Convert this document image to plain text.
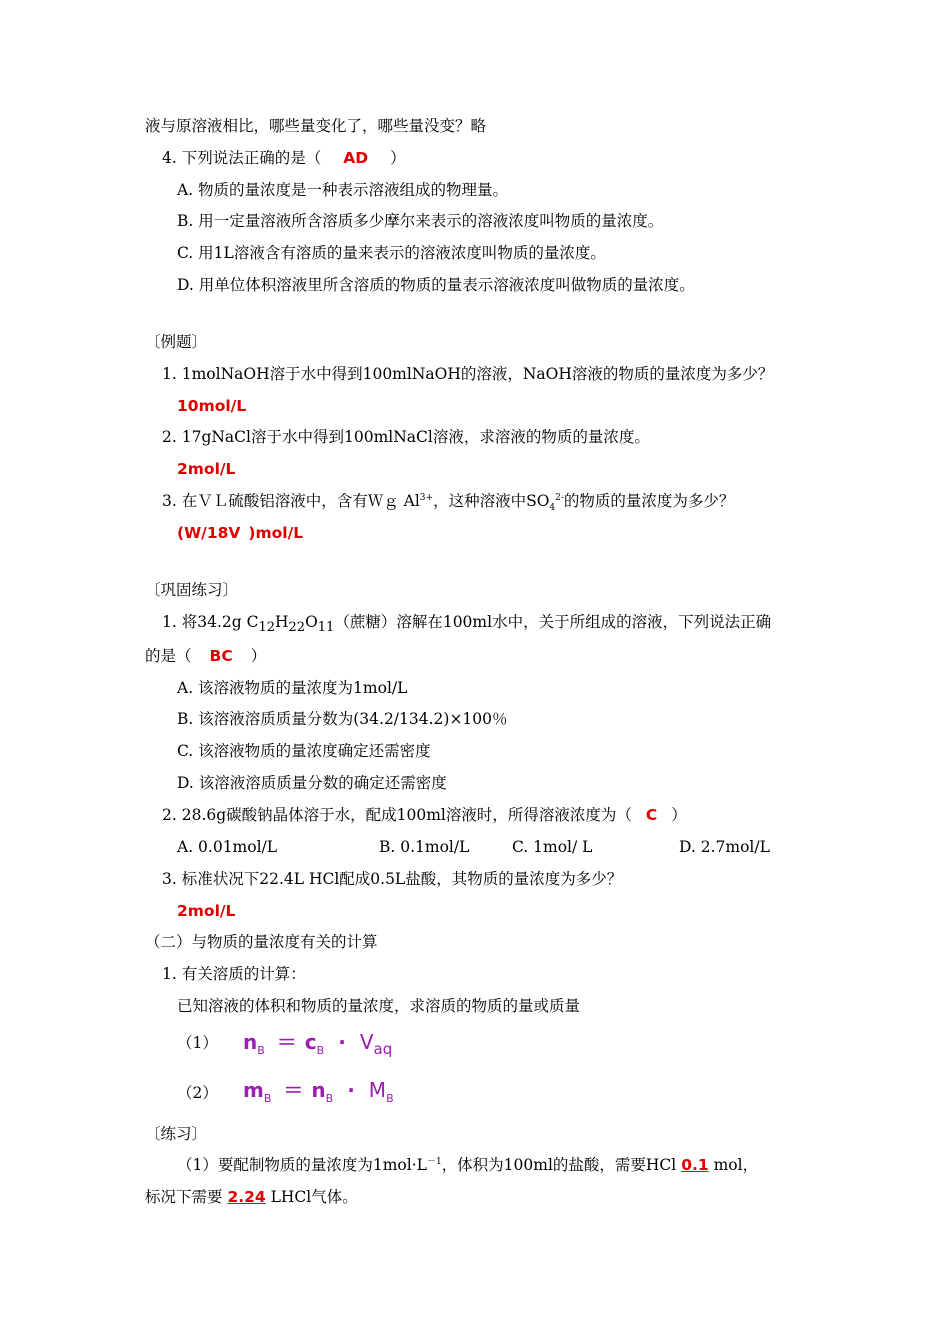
液与原溶液相比，哪些量变化了，哪些量没变？略
4. 下列说法正确的是（ AD ）
A. 物质的量浓度是一种表示溶液组成的物理量。
B. 用一定量溶液所含溶质多少摩尔来表示的溶液浓度叫物质的量浓度。
C. 用1L溶液含有溶质的量来表示的溶液浓度叫物质的量浓度。
D. 用单位体积溶液里所含溶质的物质的量表示溶液浓度叫做物质的量浓度。
〔例题〕
1. 1molNaOH溶于水中得到100mlNaOH的溶液，NaOH溶液的物质的量浓度为多少？
10mol/L
2. 17gNaCl溶于水中得到100mlNaCl溶液，求溶液的物质的量浓度。
2mol/L
3. 在ＶＬ硫酸铝溶液中，含有Ｗｇ $Al^{3+}$，这种溶液中$SO_4^{2-}$的物质的量浓度为多少？
(W/18V )mol/L
〔巩固练习〕
1. 将34.2g $C_{12}H_{22}O_{11}$（蔗糖）溶解在100ml水中，关于所组成的溶液，下列说法正确
的是（ BC ）
A. 该溶液物质的量浓度为1mol/L
B. 该溶液溶质质量分数为(34.2/134.2)×100％
C. 该溶液物质的量浓度确定还需密度
D. 该溶液溶质质量分数的确定还需密度
2. 28.6g碳酸钠晶体溶于水，配成100ml溶液时，所得溶液浓度为（ C ）
A. 0.01mol/L	B. 0.1mol/L	C. 1mol/ L	D. 2.7mol/L
3. 标准状况下22.4L HCl配成0.5L盐酸，其物质的量浓度为多少？
2mol/L
（二）与物质的量浓度有关的计算
1. 有关溶质的计算：
已知溶液的体积和物质的量浓度，求溶质的物质的量或质量
（1） $n_B = c_B \cdot V_{aq}$
（2） $m_B = n_B \cdot M_B$
〔练习〕
（1）要配制物质的量浓度为$1mol\cdot L^{-1}$，体积为100ml的盐酸，需要HCl 0.1 mol，
标况下需要 2.24 LHCl气体。
